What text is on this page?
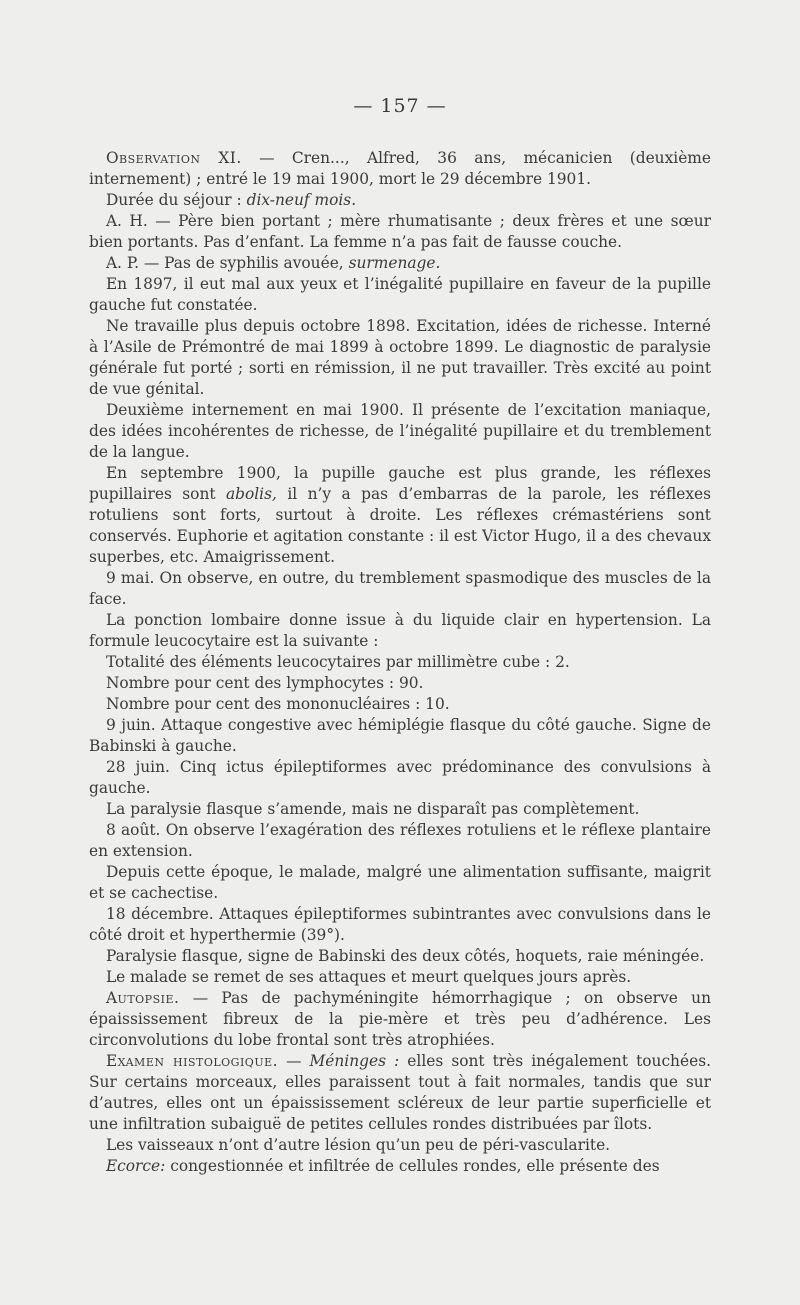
— 157 —

Observation XI. — Cren..., Alfred, 36 ans, mécanicien (deuxième internement) ; entré le 19 mai 1900, mort le 29 décembre 1901.

Durée du séjour : dix-neuf mois.

A. H. — Père bien portant ; mère rhumatisante ; deux frères et une sœur bien portants. Pas d’enfant. La femme n’a pas fait de fausse couche.

A. P. — Pas de syphilis avouée, surmenage.

En 1897, il eut mal aux yeux et l’inégalité pupillaire en faveur de la pupille gauche fut constatée.

Ne travaille plus depuis octobre 1898. Excitation, idées de richesse. Interné à l’Asile de Prémontré de mai 1899 à octobre 1899. Le diagnostic de paralysie générale fut porté ; sorti en rémission, il ne put travailler. Très excité au point de vue génital.

Deuxième internement en mai 1900. Il présente de l’excitation maniaque, des idées incohérentes de richesse, de l’inégalité pupillaire et du tremblement de la langue.

En septembre 1900, la pupille gauche est plus grande, les réflexes pupillaires sont abolis, il n’y a pas d’embarras de la parole, les réflexes rotuliens sont forts, surtout à droite. Les réflexes crémastériens sont conservés. Euphorie et agitation constante : il est Victor Hugo, il a des chevaux superbes, etc. Amaigrissement.

9 mai. On observe, en outre, du tremblement spasmodique des muscles de la face.

La ponction lombaire donne issue à du liquide clair en hypertension. La formule leucocytaire est la suivante :

Totalité des éléments leucocytaires par millimètre cube : 2.

Nombre pour cent des lymphocytes : 90.

Nombre pour cent des mononucléaires : 10.

9 juin. Attaque congestive avec hémiplégie flasque du côté gauche. Signe de Babinski à gauche.

28 juin. Cinq ictus épileptiformes avec prédominance des convulsions à gauche.

La paralysie flasque s’amende, mais ne disparaît pas complètement.

8 août. On observe l’exagération des réflexes rotuliens et le réflexe plantaire en extension.

Depuis cette époque, le malade, malgré une alimentation suffisante, maigrit et se cachectise.

18 décembre. Attaques épileptiformes subintrantes avec convulsions dans le côté droit et hyperthermie (39°).

Paralysie flasque, signe de Babinski des deux côtés, hoquets, raie méningée.

Le malade se remet de ses attaques et meurt quelques jours après.

Autopsie. — Pas de pachyméningite hémorrhagique ; on observe un épaississement fibreux de la pie-mère et très peu d’adhérence. Les circonvolutions du lobe frontal sont très atrophiées.

Examen histologique. — Méninges : elles sont très inégalement touchées. Sur certains morceaux, elles paraissent tout à fait normales, tandis que sur d’autres, elles ont un épaississement scléreux de leur partie superficielle et une infiltration subaiguë de petites cellules rondes distribuées par îlots.

Les vaisseaux n’ont d’autre lésion qu’un peu de péri-vascularite.

Ecorce: congestionnée et infiltrée de cellules rondes, elle présente des
